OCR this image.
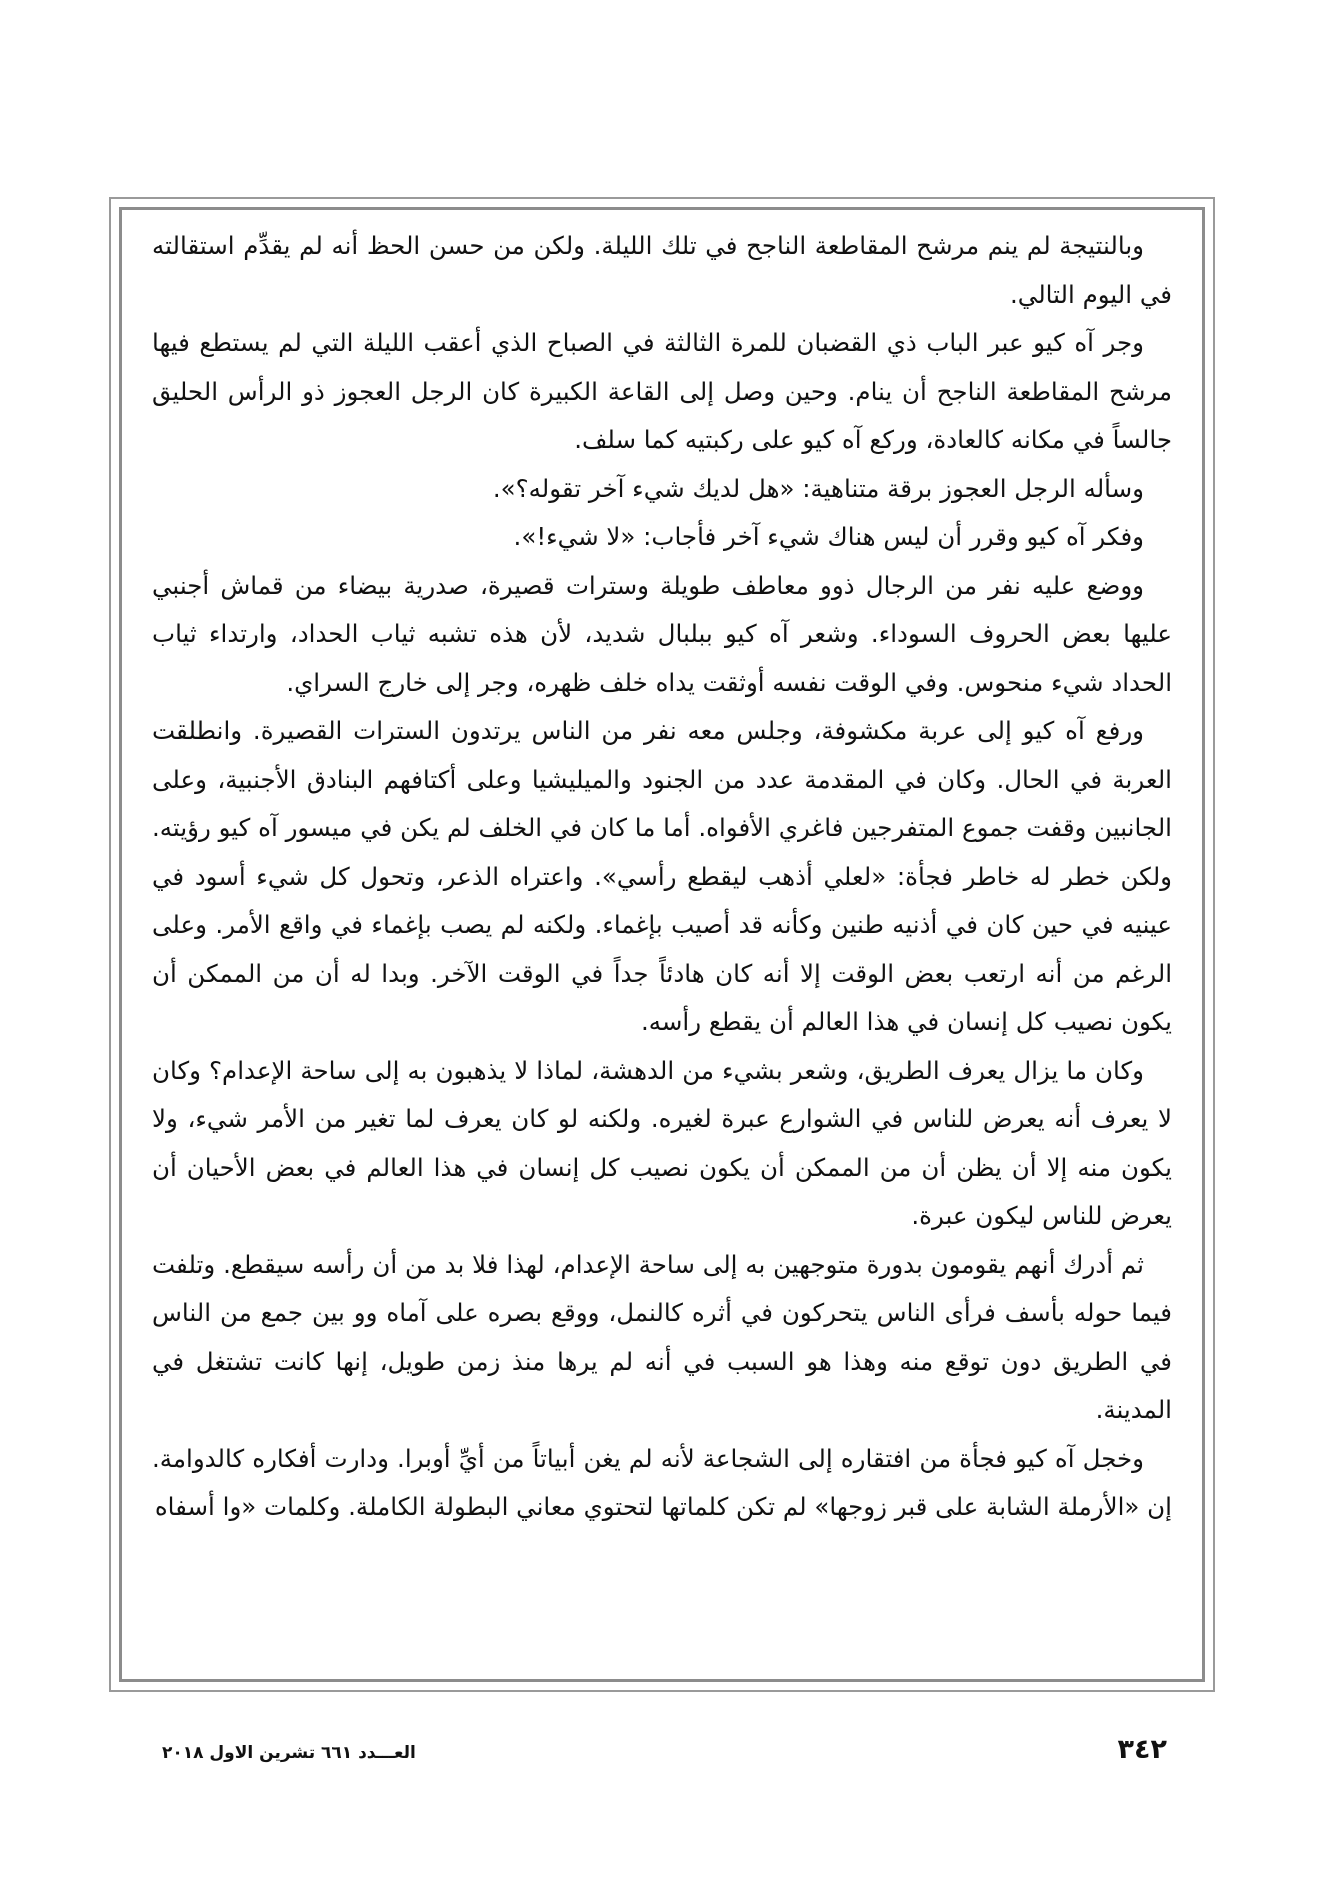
وبالنتيجة لم ينم مرشح المقاطعة الناجح في تلك الليلة. ولكن من حسن الحظ أنه لم يقدِّم استقالته في اليوم التالي.

وجر آه كيو عبر الباب ذي القضبان للمرة الثالثة في الصباح الذي أعقب الليلة التي لم يستطع فيها مرشح المقاطعة الناجح أن ينام. وحين وصل إلى القاعة الكبيرة كان الرجل العجوز ذو الرأس الحليق جالساً في مكانه كالعادة، وركع آه كيو على ركبتيه كما سلف.

وسأله الرجل العجوز برقة متناهية: «هل لديك شيء آخر تقوله؟».

وفكر آه كيو وقرر أن ليس هناك شيء آخر فأجاب: «لا شيء!».

ووضع عليه نفر من الرجال ذوو معاطف طويلة وسترات قصيرة، صدرية بيضاء من قماش أجنبي عليها بعض الحروف السوداء. وشعر آه كيو ببلبال شديد، لأن هذه تشبه ثياب الحداد، وارتداء ثياب الحداد شيء منحوس. وفي الوقت نفسه أوثقت يداه خلف ظهره، وجر إلى خارج السراي.

ورفع آه كيو إلى عربة مكشوفة، وجلس معه نفر من الناس يرتدون السترات القصيرة. وانطلقت العربة في الحال. وكان في المقدمة عدد من الجنود والميليشيا وعلى أكتافهم البنادق الأجنبية، وعلى الجانبين وقفت جموع المتفرجين فاغري الأفواه. أما ما كان في الخلف لم يكن في ميسور آه كيو رؤيته. ولكن خطر له خاطر فجأة: «لعلي أذهب ليقطع رأسي». واعتراه الذعر، وتحول كل شيء أسود في عينيه في حين كان في أذنيه طنين وكأنه قد أصيب بإغماء. ولكنه لم يصب بإغماء في واقع الأمر. وعلى الرغم من أنه ارتعب بعض الوقت إلا أنه كان هادئاً جداً في الوقت الآخر. وبدا له أن من الممكن أن يكون نصيب كل إنسان في هذا العالم أن يقطع رأسه.

وكان ما يزال يعرف الطريق، وشعر بشيء من الدهشة، لماذا لا يذهبون به إلى ساحة الإعدام؟ وكان لا يعرف أنه يعرض للناس في الشوارع عبرة لغيره. ولكنه لو كان يعرف لما تغير من الأمر شيء، ولا يكون منه إلا أن يظن أن من الممكن أن يكون نصيب كل إنسان في هذا العالم في بعض الأحيان أن يعرض للناس ليكون عبرة.

ثم أدرك أنهم يقومون بدورة متوجهين به إلى ساحة الإعدام، لهذا فلا بد من أن رأسه سيقطع. وتلفت فيما حوله بأسف فرأى الناس يتحركون في أثره كالنمل، ووقع بصره على آماه وو بين جمع من الناس في الطريق دون توقع منه وهذا هو السبب في أنه لم يرها منذ زمن طويل، إنها كانت تشتغل في المدينة.

وخجل آه كيو فجأة من افتقاره إلى الشجاعة لأنه لم يغن أبياتاً من أيِّ أوبرا. ودارت أفكاره كالدوامة. إن «الأرملة الشابة على قبر زوجها» لم تكن كلماتها لتحتوي معاني البطولة الكاملة. وكلمات «وا أسفاه

٣٤٢
العـــدد ٦٦١ تشرين الاول ٢٠١٨
